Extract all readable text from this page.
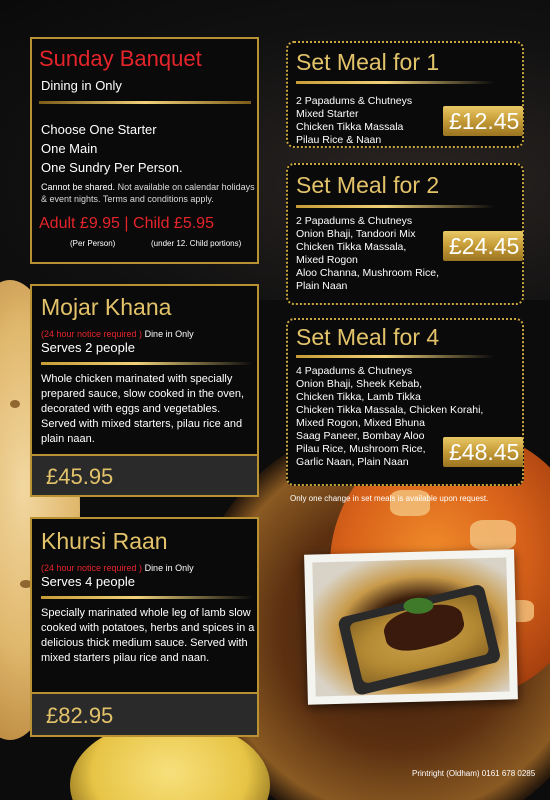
Sunday Banquet
Dining in Only
Choose One Starter
One Main
One Sundry Per Person.
Cannot be shared. Not available on calendar holidays & event nights. Terms and conditions apply.
Adult £9.95 | Child £5.95
(Per Person)	(under 12. Child portions)
Mojar Khana
(24 hour notice required ) Dine in Only
Serves 2 people
Whole chicken marinated with specially prepared sauce, slow cooked in the oven, decorated with eggs and vegetables. Served with mixed starters, pilau rice and plain naan.
£45.95
Khursi Raan
(24 hour notice required ) Dine in Only
Serves 4 people
Specially marinated whole leg of lamb slow cooked with potatoes, herbs and spices in a delicious thick medium sauce. Served with mixed starters pilau rice and naan.
£82.95
Set Meal for 1
2 Papadums & Chutneys
Mixed Starter
Chicken Tikka Massala
Pilau Rice & Naan
£12.45
Set Meal for 2
2 Papadums & Chutneys
Onion Bhaji, Tandoori Mix
Chicken Tikka Massala,
Mixed Rogon
Aloo Channa, Mushroom Rice,
Plain Naan
£24.45
Set Meal for 4
4 Papadums & Chutneys
Onion Bhaji, Sheek Kebab,
Chicken Tikka, Lamb Tikka
Chicken Tikka Massala, Chicken Korahi,
Mixed Rogon, Mixed Bhuna
Saag Paneer, Bombay Aloo
Pilau Rice, Mushroom Rice,
Garlic Naan, Plain Naan	£48.45
Only one change in set meals is available upon request.
Printright (Oldham) 0161 678 0285
